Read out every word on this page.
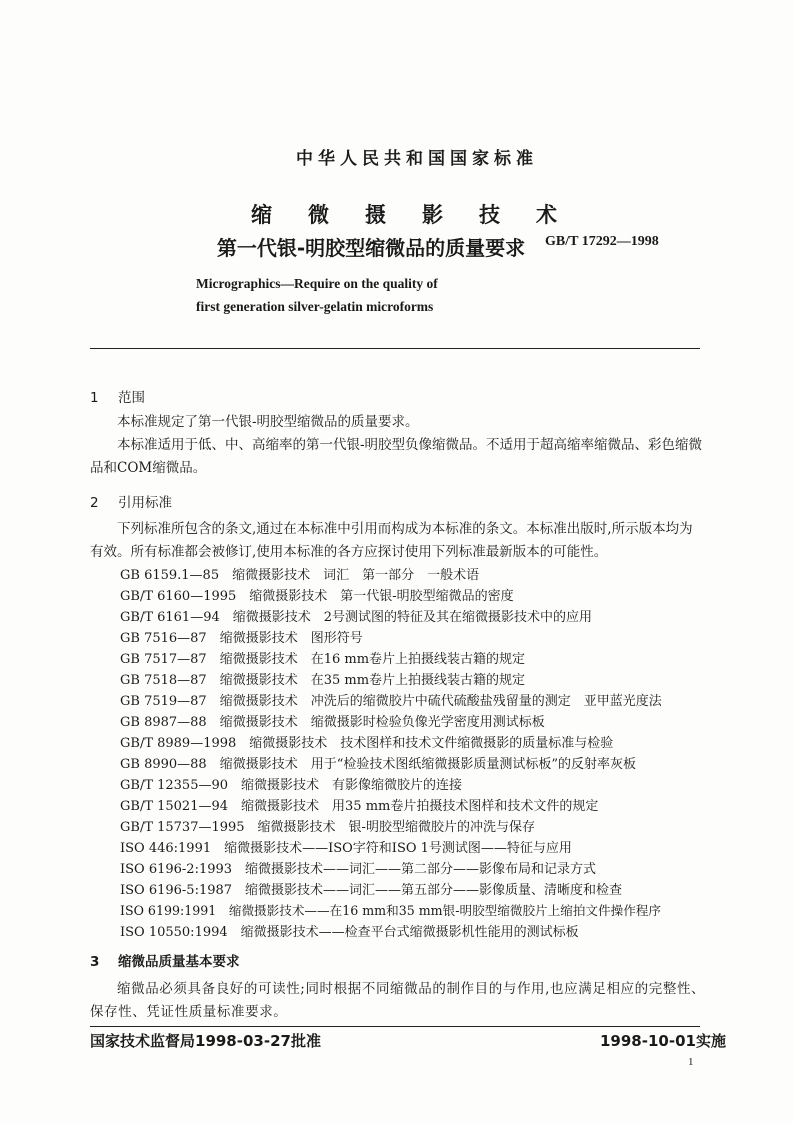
中华人民共和国国家标准
缩微摄影技术
第一代银-明胶型缩微品的质量要求	GB/T 17292—1998
Micrographics—Require on the quality of
first generation silver-gelatin microforms
1 范围
本标准规定了第一代银-明胶型缩微品的质量要求。
本标准适用于低、中、高缩率的第一代银-明胶型负像缩微品。不适用于超高缩率缩微品、彩色缩微品和COM缩微品。
2 引用标准
下列标准所包含的条文,通过在本标准中引用而构成为本标准的条文。本标准出版时,所示版本均为有效。所有标准都会被修订,使用本标准的各方应探讨使用下列标准最新版本的可能性。
GB 6159.1—85　缩微摄影技术　词汇　第一部分　一般术语
GB/T 6160—1995　缩微摄影技术　第一代银-明胶型缩微品的密度
GB/T 6161—94　缩微摄影技术　2号测试图的特征及其在缩微摄影技术中的应用
GB 7516—87　缩微摄影技术　图形符号
GB 7517—87　缩微摄影技术　在16 mm卷片上拍摄线装古籍的规定
GB 7518—87　缩微摄影技术　在35 mm卷片上拍摄线装古籍的规定
GB 7519—87　缩微摄影技术　冲洗后的缩微胶片中硫代硫酸盐残留量的测定　亚甲蓝光度法
GB 8987—88　缩微摄影技术　缩微摄影时检验负像光学密度用测试标板
GB/T 8989—1998　缩微摄影技术　技术图样和技术文件缩微摄影的质量标准与检验
GB 8990—88　缩微摄影技术　用于“检验技术图纸缩微摄影质量测试标板”的反射率灰板
GB/T 12355—90　缩微摄影技术　有影像缩微胶片的连接
GB/T 15021—94　缩微摄影技术　用35 mm卷片拍摄技术图样和技术文件的规定
GB/T 15737—1995　缩微摄影技术　银-明胶型缩微胶片的冲洗与保存
ISO 446:1991　缩微摄影技术——ISO字符和ISO 1号测试图——特征与应用
ISO 6196-2:1993　缩微摄影技术——词汇——第二部分——影像布局和记录方式
ISO 6196-5:1987　缩微摄影技术——词汇——第五部分——影像质量、清晰度和检查
ISO 6199:1991　缩微摄影技术——在16 mm和35 mm银-明胶型缩微胶片上缩拍文件操作程序
3 缩微品质量基本要求
缩微品必须具备良好的可读性;同时根据不同缩微品的制作目的与作用,也应满足相应的完整性、保存性、凭证性质量标准要求。
国家技术监督局1998-03-27批准	1998-10-01实施
1
ISO 10550:1994　缩微摄影技术——检查平台式缩微摄影机性能用的测试标板
